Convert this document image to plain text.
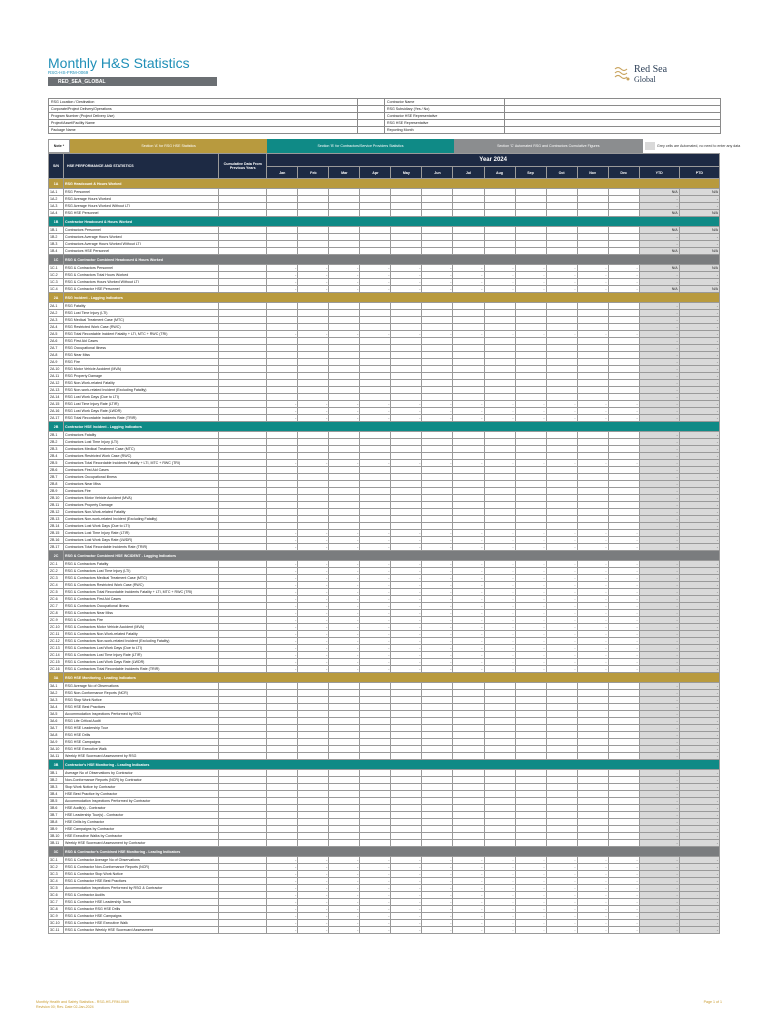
Monthly H&S Statistics
RSG-HS-FRM-0069
RED_SEA_GLOBAL
Red Sea
Global
RSG Location / Destination		Contractor Name	
Corporate/Project Delivery/Operations		RSG Subsidiary (Yes / No)	
Program Number (Project Delivery Use)		Contractor HSE Representative	
Project/Asset/Facility Name		RSG HSE Representative	
Package Name		Reporting Month	
Note *	Section 'A' for RSG HSE Statistics	Section 'B' for Contractors/Service Providers Statistics	Section 'C' Automated RSG and Contractors Cumulative Figures	Grey cells are Automated, no need to enter any data
S/N	HSE PERFORMANCE AND STATISTICS	Cumulative Data From Previous Years	Year 2024													
			Jan	Feb	Mar	Apr	May	Jun	Jul	Aug	Sep	Oct	Nov	Dec	YTD	PTD
1A	RSG Headcount & Hours Worked															
1A.1	RSG Personnel														N/A	N/A
1A.2	RSG Average Hours Worked														-	-
1A.3	RSG Average Hours Worked Without LTI														-	-
1A.4	RSG HSE Personnel														N/A	N/A
1B	Contractor Headcount & Hours Worked															
1B.1	Contractors Personnel														N/A	N/A
1B.2	Contractors Average Hours Worked														-	-
1B.3	Contractors Average Hours Worked Without LTI														-	-
1B.4	Contractors HSE Personnel														N/A	N/A
1C	RSG & Contractor Combined Headcount & Hours Worked															
1C.1	RSG & Contractors Personnel		-	-	-	-	-	-	-	-	-	-	-	-	N/A	N/A
1C.2	RSG & Contractors Total Hours Worked		-	-	-	-	-	-	-	-	-	-	-	-	-	-
1C.3	RSG & Contractors Hours Worked Without LTI		-	-	-	-	-	-	-	-	-	-	-	-	-	-
1C.4	RSG & Contractor HSE Personnel		-	-	-	-	-	-	-	-	-	-	-	-	N/A	N/A
2A	RSG Incident - Lagging Indicators															
2A.1	RSG Fatality														-	-
2A.2	RSG Lost Time Injury (LTI)														-	-
2A.3	RSG Medical Treatment Case (MTC)														-	-
2A.4	RSG Restricted Work Case (RWC)														-	-
2A.5	RSG Total Recordable Incident Fatality + LTI, MTC + RWC (TRI)		-	-	-	-	-	-	-	-	-	-	-	-	-	-
2A.6	RSG First Aid Cases														-	-
2A.7	RSG Occupational Illness														-	-
2A.8	RSG Near Miss														-	-
2A.9	RSG Fire														-	-
2A.10	RSG Motor Vehicle Accident (MVA)														-	-
2A.11	RSG Property Damage														-	-
2A.12	RSG Non-Work-related Fatality														-	-
2A.13	RSG Non-work-related Incident (Excluding Fatality)														-	-
2A.14	RSG Lost Work Days (Due to LTI)														-	-
2A.15	RSG Lost Time Injury Rate (LTIR)		-	-	-	-	-	-	-	-	-	-	-	-	-	-
2A.16	RSG Lost Work Days Rate (LWDR)		-	-	-	-	-	-	-	-	-	-	-	-	-	-
2A.17	RSG Total Recordable Incidents Rate (TRIR)		-	-	-	-	-	-	-	-	-	-	-	-	-	-
2B	Contractor HSE Incident - Lagging Indicators															
2B.1	Contractors Fatality														-	-
2B.2	Contractors Lost Time Injury (LTI)														-	-
2B.3	Contractors Medical Treatment Case (MTC)														-	-
2B.4	Contractors Restricted Work Case (RWC)														-	-
2B.5	Contractors Total Recordable Incidents Fatality + LTI, MTC + RWC (TRI)		-	-	-	-	-	-	-	-	-	-	-	-	-	-
2B.6	Contractors First Aid Cases														-	-
2B.7	Contractors Occupational Illness														-	-
2B.8	Contractors Near Miss														-	-
2B.9	Contractors Fire														-	-
2B.10	Contractors Motor Vehicle Accident (MVA)														-	-
2B.11	Contractors Property Damage														-	-
2B.12	Contractors Non-Work-related Fatality														-	-
2B.13	Contractors Non-work-related Incident (Excluding Fatality)														-	-
2B.14	Contractors Lost Work Days (Due to LTI)														-	-
2B.15	Contractors Lost Time Injury Rate (LTIR)		-	-	-	-	-	-	-	-	-	-	-	-	-	-
2B.16	Contractors Lost Work Days Rate (LWDR)		-	-	-	-	-	-	-	-	-	-	-	-	-	-
2B.17	Contractors Total Recordable Incidents Rate (TRIR)		-	-	-	-	-	-	-	-	-	-	-	-	-	-
2C	RSG & Contractor Combined HSE INCIDENT - Lagging Indicators															
2C.1	RSG & Contractors Fatality		-	-	-	-	-	-	-	-	-	-	-	-	-	-
2C.2	RSG & Contractors Lost Time Injury (LTI)		-	-	-	-	-	-	-	-	-	-	-	-	-	-
2C.3	RSG & Contractors Medical Treatment Case (MTC)		-	-	-	-	-	-	-	-	-	-	-	-	-	-
2C.4	RSG & Contractors Restricted Work Case (RWC)		-	-	-	-	-	-	-	-	-	-	-	-	-	-
2C.5	RSG & Contractors Total Recordable Incidents Fatality + LTI, MTC + RWC (TRI)		-	-	-	-	-	-	-	-	-	-	-	-	-	-
2C.6	RSG & Contractors First Aid Cases		-	-	-	-	-	-	-	-	-	-	-	-	-	-
2C.7	RSG & Contractors Occupational Illness		-	-	-	-	-	-	-	-	-	-	-	-	-	-
2C.8	RSG & Contractors Near Miss		-	-	-	-	-	-	-	-	-	-	-	-	-	-
2C.9	RSG & Contractors Fire		-	-	-	-	-	-	-	-	-	-	-	-	-	-
2C.10	RSG & Contractors Motor Vehicle Accident (MVA)		-	-	-	-	-	-	-	-	-	-	-	-	-	-
2C.11	RSG & Contractors Non-Work-related Fatality		-	-	-	-	-	-	-	-	-	-	-	-	-	-
2C.12	RSG & Contractors Non-work-related Incident (Excluding Fatality)		-	-	-	-	-	-	-	-	-	-	-	-	-	-
2C.13	RSG & Contractors Lost Work Days (Due to LTI)		-	-	-	-	-	-	-	-	-	-	-	-	-	-
2C.14	RSG & Contractors Lost Time Injury Rate (LTIR)		-	-	-	-	-	-	-	-	-	-	-	-	-	-
2C.15	RSG & Contractors Lost Work Days Rate (LWDR)		-	-	-	-	-	-	-	-	-	-	-	-	-	-
2C.16	RSG & Contractors Total Recordable Incidents Rate (TRIR)		-	-	-	-	-	-	-	-	-	-	-	-	-	-
3A	RSG HSE Monitoring - Leading Indicators															
3A.1	RSG Average No of Observations														-	-
3A.2	RSG Non-Conformance Reports (NCR)														-	-
3A.3	RSG Stop Work Notice														-	-
3A.4	RSG HSE Best Practices														-	-
3A.5	Accommodation Inspections Performed by RSG														-	-
3A.6	RSG Life Critical Audit														-	-
3A.7	RSG HSE Leadership Tour														-	-
3A.8	RSG HSE Drills														-	-
3A.9	RSG HSE Campaigns														-	-
3A.10	RSG HSE Executive Walk														-	-
3A.11	Weekly HSE Scorecard Assessment by RSG														-	-
3B	Contractor's HSE Monitoring - Leading Indicators															
3B.1	Average No of Observations by Contractor														-	-
3B.2	Non-Conformance Reports (NCR) by Contractor														-	-
3B.3	Stop Work Notice by Contractor														-	-
3B.4	HSE Best Practice by Contractor														-	-
3B.5	Accommodation Inspections Performed by Contractor														-	-
3B.6	HSE Audit(s) - Contractor														-	-
3B.7	HSE Leadership Tour(s) - Contractor														-	-
3B.8	HSE Drills by Contractor														-	-
3B.9	HSE Campaigns by Contractor														-	-
3B.10	HSE Executive Walks by Contractor														-	-
3B.11	Weekly HSE Scorecard Assessment by Contractor														-	-
3C	RSG & Contractor's Combined HSE Monitoring - Leading Indicators															
3C.1	RSG & Contractor Average No of Observations		-	-	-	-	-	-	-	-	-	-	-	-	-	-
3C.2	RSG & Contractor Non-Conformance Reports (NCR)		-	-	-	-	-	-	-	-	-	-	-	-	-	-
3C.3	RSG & Contractor Stop Work Notice		-	-	-	-	-	-	-	-	-	-	-	-	-	-
3C.4	RSG & Contractor HSE Best Practices		-	-	-	-	-	-	-	-	-	-	-	-	-	-
3C.5	Accommodation Inspections Performed by RSG & Contractor		-	-	-	-	-	-	-	-	-	-	-	-	-	-
3C.6	RSG & Contractor Audits		-	-	-	-	-	-	-	-	-	-	-	-	-	-
3C.7	RSG & Contractor HSE Leadership Tours		-	-	-	-	-	-	-	-	-	-	-	-	-	-
3C.8	RSG & Contractor RSG HSE Drills		-	-	-	-	-	-	-	-	-	-	-	-	-	-
3C.9	RSG & Contractor HSE Campaigns		-	-	-	-	-	-	-	-	-	-	-	-	-	-
3C.10	RSG & Contractor HSE Executive Walk		-	-	-	-	-	-	-	-	-	-	-	-	-	-
3C.11	RSG & Contractor Weekly HSE Scorecard Assessment		-	-	-	-	-	-	-	-	-	-	-	-	-	-
Monthly Health and Safety Statistics - RSG-HS-FRM-0069
Revision 00; Rev. Date 02-Jan-2024
Page 1 of 1
